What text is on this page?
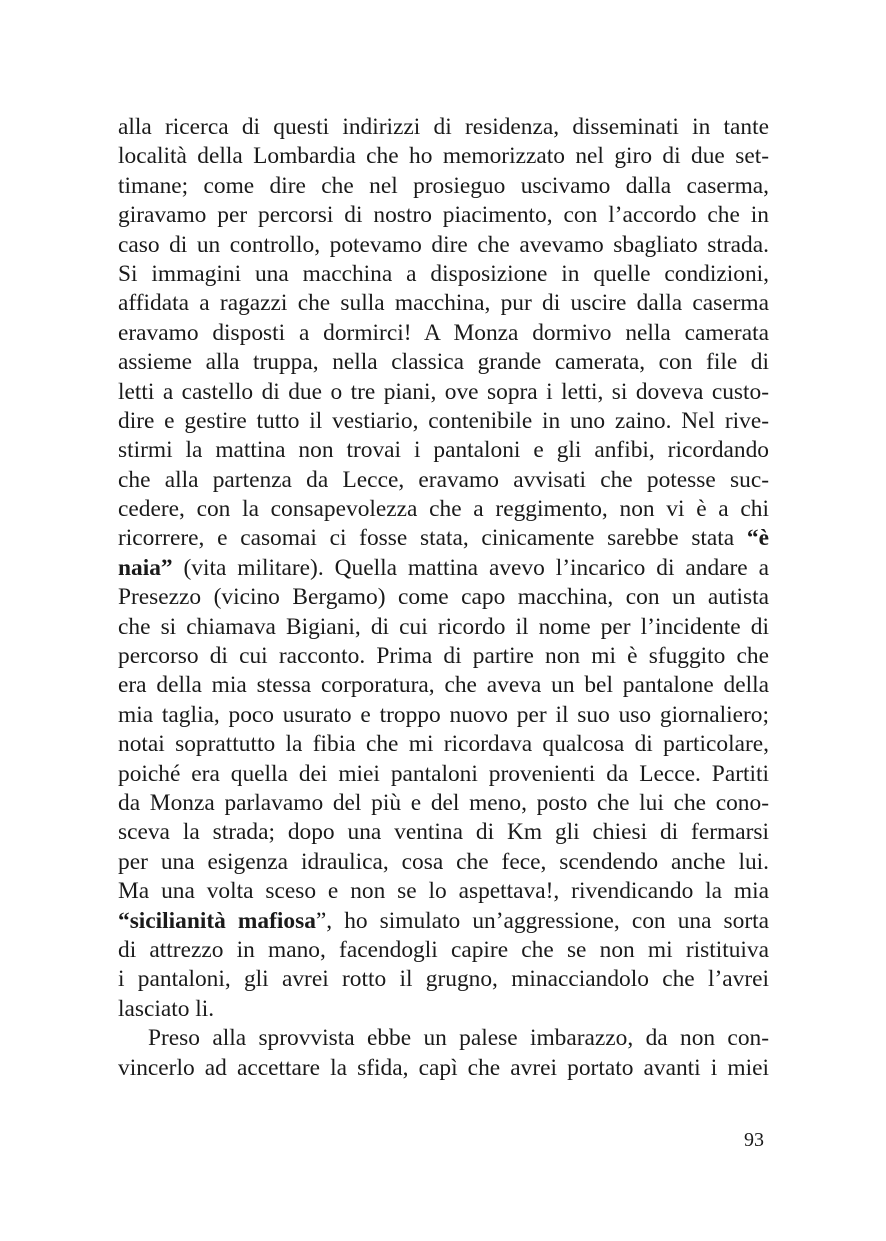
alla ricerca di questi indirizzi di residenza, disseminati in tante
località della Lombardia che ho memorizzato nel giro di due set-
timane; come dire che nel prosieguo uscivamo dalla caserma,
giravamo per percorsi di nostro piacimento, con l’accordo che in
caso di un controllo, potevamo dire che avevamo sbagliato strada.
Si immagini una macchina a disposizione in quelle condizioni,
affidata a ragazzi che sulla macchina, pur di uscire dalla caserma
eravamo disposti a dormirci! A Monza dormivo nella camerata
assieme alla truppa, nella classica grande camerata, con file di
letti a castello di due o tre piani, ove sopra i letti, si doveva custo-
dire e gestire tutto il vestiario, contenibile in uno zaino. Nel rive-
stirmi la mattina non trovai i pantaloni e gli anfibi, ricordando
che alla partenza da Lecce, eravamo avvisati che potesse suc-
cedere, con la consapevolezza che a reggimento, non vi è a chi
ricorrere, e casomai ci fosse stata, cinicamente sarebbe stata “è
naia” (vita militare). Quella mattina avevo l’incarico di andare a
Presezzo (vicino Bergamo) come capo macchina, con un autista
che si chiamava Bigiani, di cui ricordo il nome per l’incidente di
percorso di cui racconto. Prima di partire non mi è sfuggito che
era della mia stessa corporatura, che aveva un bel pantalone della
mia taglia, poco usurato e troppo nuovo per il suo uso giornaliero;
notai soprattutto la fibia che mi ricordava qualcosa di particolare,
poiché era quella dei miei pantaloni provenienti da Lecce. Partiti
da Monza parlavamo del più e del meno, posto che lui che cono-
sceva la strada; dopo una ventina di Km gli chiesi di fermarsi
per una esigenza idraulica, cosa che fece, scendendo anche lui.
Ma una volta sceso e non se lo aspettava!, rivendicando la mia
“sicilianità mafiosa”, ho simulato un’aggressione, con una sorta
di attrezzo in mano, facendogli capire che se non mi ristituiva
i pantaloni, gli avrei rotto il grugno, minacciandolo che l’avrei
lasciato li.
Preso alla sprovvista ebbe un palese imbarazzo, da non con-
vincerlo ad accettare la sfida, capì che avrei portato avanti i miei
93
